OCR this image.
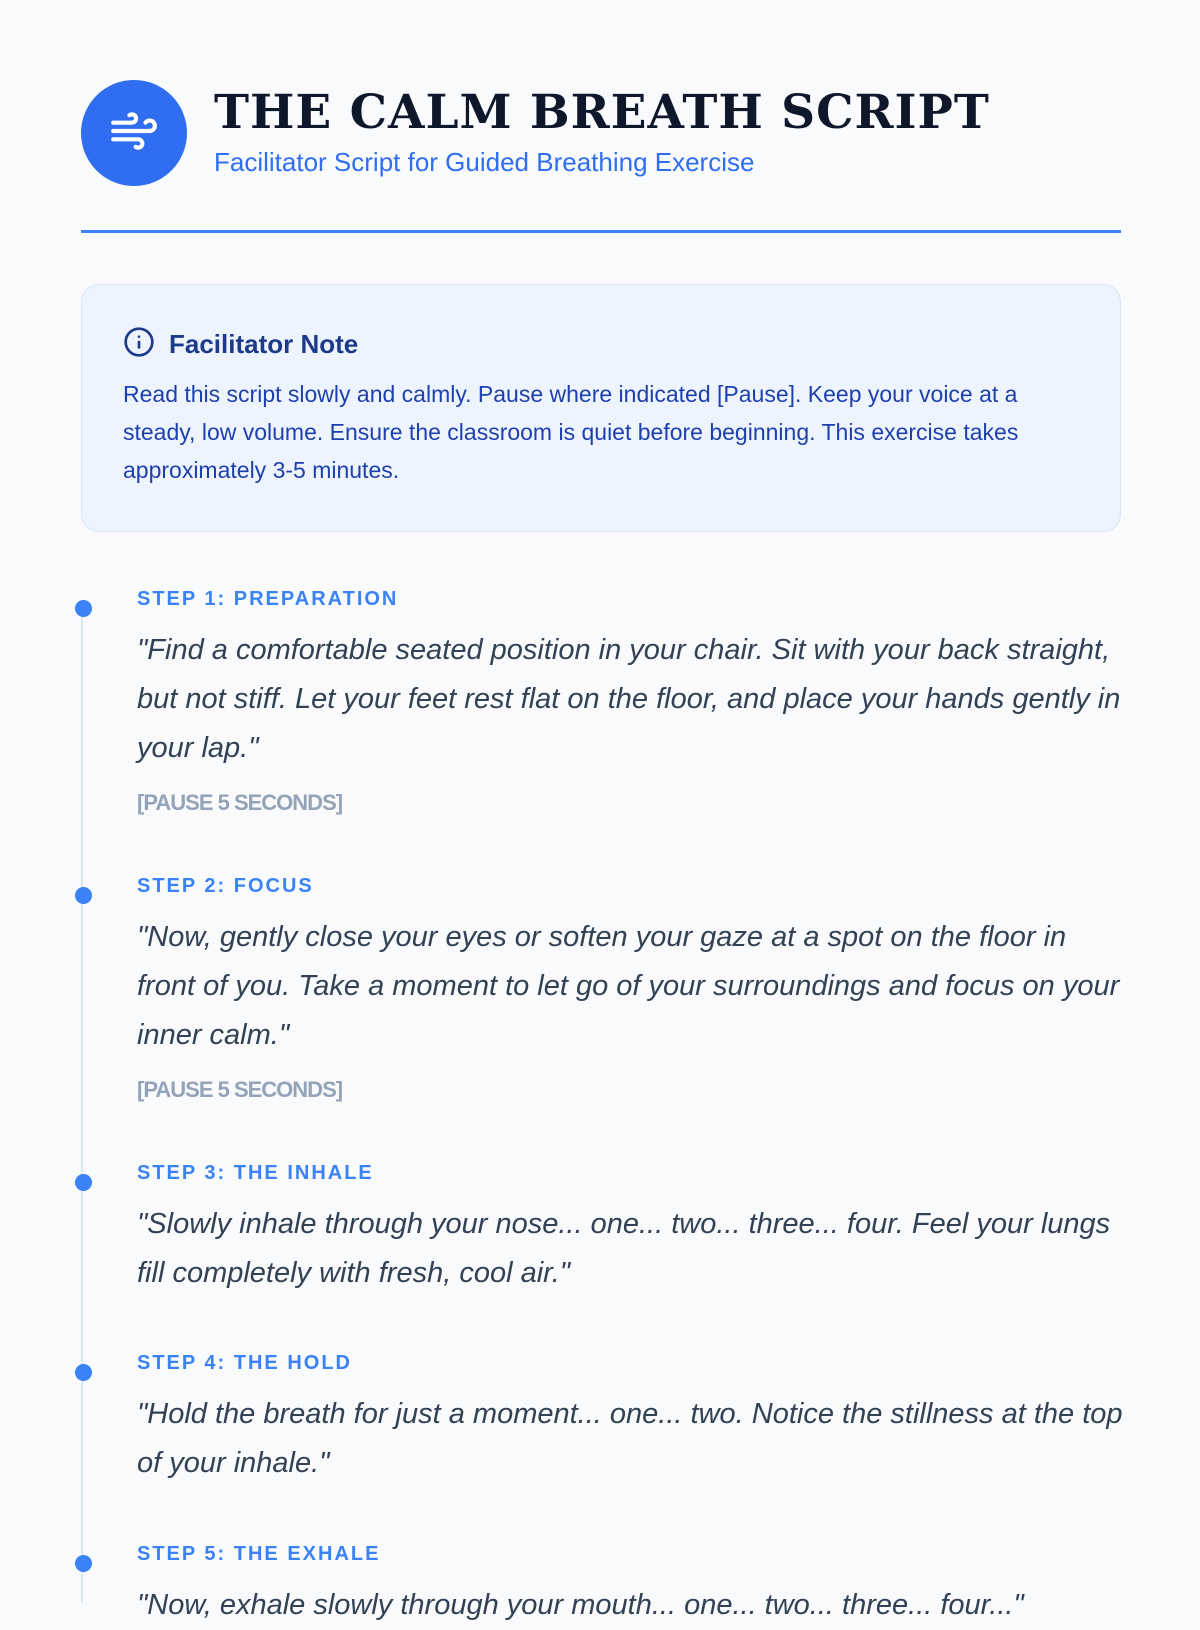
THE CALM BREATH SCRIPT

Facilitator Script for Guided Breathing Exercise

Facilitator Note

Read this script slowly and calmly. Pause where indicated [Pause]. Keep your voice at a steady, low volume. Ensure the classroom is quiet before beginning. This exercise takes approximately 3-5 minutes.

STEP 1: PREPARATION

"Find a comfortable seated position in your chair. Sit with your back straight, but not stiff. Let your feet rest flat on the floor, and place your hands gently in your lap."

[PAUSE 5 SECONDS]
STEP 2: FOCUS

"Now, gently close your eyes or soften your gaze at a spot on the floor in front of you. Take a moment to let go of your surroundings and focus on your inner calm."

[PAUSE 5 SECONDS]
STEP 3: THE INHALE

"Slowly inhale through your nose... one... two... three... four. Feel your lungs fill completely with fresh, cool air."

STEP 4: THE HOLD

"Hold the breath for just a moment... one... two. Notice the stillness at the top of your inhale."

STEP 5: THE EXHALE

"Now, exhale slowly through your mouth... one... two... three... four..."
